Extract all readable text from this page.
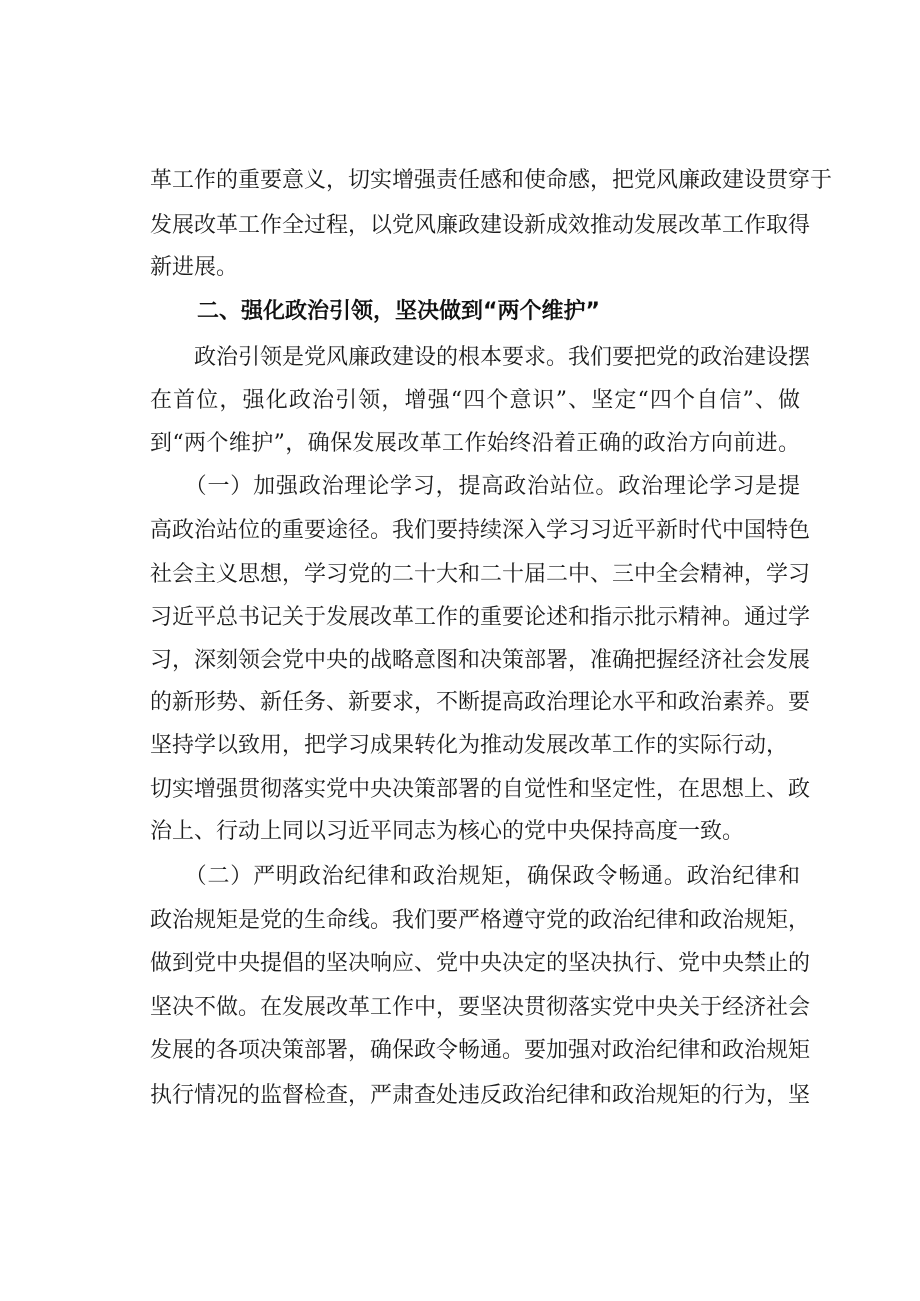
革工作的重要意义，切实增强责任感和使命感，把党风廉政建设贯穿于
发展改革工作全过程，以党风廉政建设新成效推动发展改革工作取得
新进展。
二、强化政治引领，坚决做到“两个维护”
　　政治引领是党风廉政建设的根本要求。我们要把党的政治建设摆
在首位，强化政治引领，增强“四个意识”、坚定“四个自信”、做
到“两个维护”，确保发展改革工作始终沿着正确的政治方向前进。
　　（一）加强政治理论学习，提高政治站位。政治理论学习是提
高政治站位的重要途径。我们要持续深入学习习近平新时代中国特色
社会主义思想，学习党的二十大和二十届二中、三中全会精神，学习
习近平总书记关于发展改革工作的重要论述和指示批示精神。通过学
习，深刻领会党中央的战略意图和决策部署，准确把握经济社会发展
的新形势、新任务、新要求，不断提高政治理论水平和政治素养。要
坚持学以致用，把学习成果转化为推动发展改革工作的实际行动，
切实增强贯彻落实党中央决策部署的自觉性和坚定性，在思想上、政
治上、行动上同以习近平同志为核心的党中央保持高度一致。
　　（二）严明政治纪律和政治规矩，确保政令畅通。政治纪律和
政治规矩是党的生命线。我们要严格遵守党的政治纪律和政治规矩，
做到党中央提倡的坚决响应、党中央决定的坚决执行、党中央禁止的
坚决不做。在发展改革工作中，要坚决贯彻落实党中央关于经济社会
发展的各项决策部署，确保政令畅通。要加强对政治纪律和政治规矩
执行情况的监督检查，严肃查处违反政治纪律和政治规矩的行为，坚
